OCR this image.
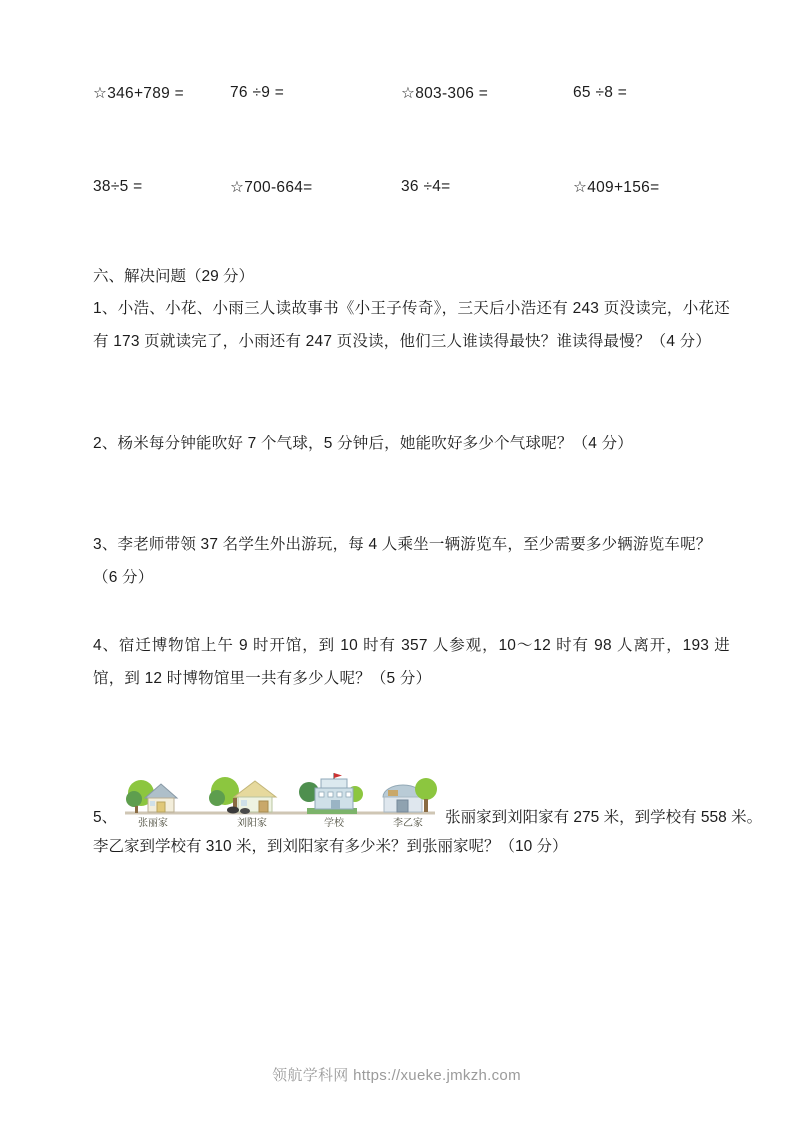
☆346+789 =	76 ÷9 =	☆803-306 =	65 ÷8 =
38÷5 =	☆700-664=	36 ÷4=	☆409+156=
六、解决问题（29 分）
1、小浩、小花、小雨三人读故事书《小王子传奇》，三天后小浩还有 243 页没读完，小花还有 173 页就读完了，小雨还有 247 页没读，他们三人谁读得最快？谁读得最慢？（4 分）
2、杨米每分钟能吹好 7 个气球，5 分钟后，她能吹好多少个气球呢？（4 分）
3、李老师带领 37 名学生外出游玩，每 4 人乘坐一辆游览车，至少需要多少辆游览车呢？（6 分）
4、宿迁博物馆上午 9 时开馆，到 10 时有 357 人参观，10～12 时有 98 人离开，193 进馆，到 12 时博物馆里一共有多少人呢？（5 分）
5、 张丽家	刘阳家	学校	李乙家 张丽家到刘阳家有 275 米，到学校有 558 米。
李乙家到学校有 310 米，到刘阳家有多少米？到张丽家呢？（10 分）
领航学科网 https://xueke.jmkzh.com
